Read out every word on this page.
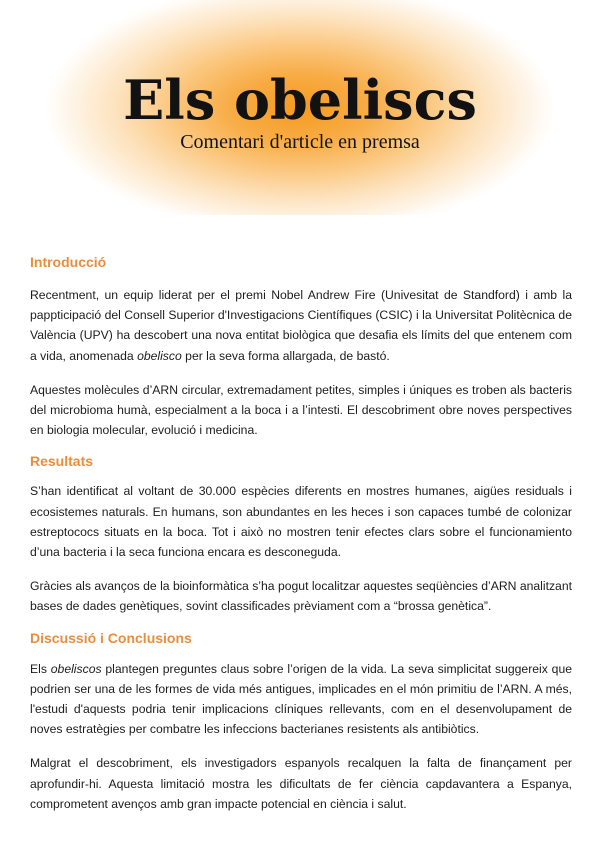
Els obeliscs
Comentari d'article en premsa
Introducció

Recentment, un equip liderat per el premi Nobel Andrew Fire (Univesitat de Standford) i amb la papрticipació del Consell Superior d'Investigacions Científiques (CSIC) i la Universitat Politècnica de València (UPV) ha descobert una nova entitat biològica que desafia els límits del que entenem com a vida, anomenada obelisco per la seva forma allargada, de bastó.

Aquestes molècules d’ARN circular, extremadament petites, simples i úniques es troben als bacteris del microbioma humà, especialment a la boca i a l’intesti. El descobriment obre noves perspectives en biologia molecular, evolució i medicina.

Resultats

S’han identificat al voltant de 30.000 espècies diferents en mostres humanes, aigües residuals i ecosistemes naturals. En humans, son abundantes en les heces i son capaces tumbé de colonizar estreptococs situats en la boca. Tot i això no mostren tenir efectes clars sobre el funcionamiento d’una bacteria i la seca funciona encara es desconeguda.

Gràcies als avanços de la bioinformàtica s’ha pogut localitzar aquestes seqüències d’ARN analitzant bases de dades genètiques, sovint classificades prèviament com a “brossa genètica”.

Discussió i Conclusions

Els obeliscos plantegen preguntes claus sobre l’origen de la vida. La seva simplicitat suggereix que podrien ser una de les formes de vida més antigues, implicades en el món primitiu de l’ARN. A més, l'estudi d'aquests podria tenir implicacions clíniques rellevants, com en el desenvolupament de noves estratègies per combatre les infeccions bacterianes resistents als antibiòtics.

Malgrat el descobriment, els investigadors espanyols recalquen la falta de finançament per aprofundir-hi. Aquesta limitació mostra les dificultats de fer ciència capdavantera a Espanya, comprometent avenços amb gran impacte potencial en ciència i salut.
